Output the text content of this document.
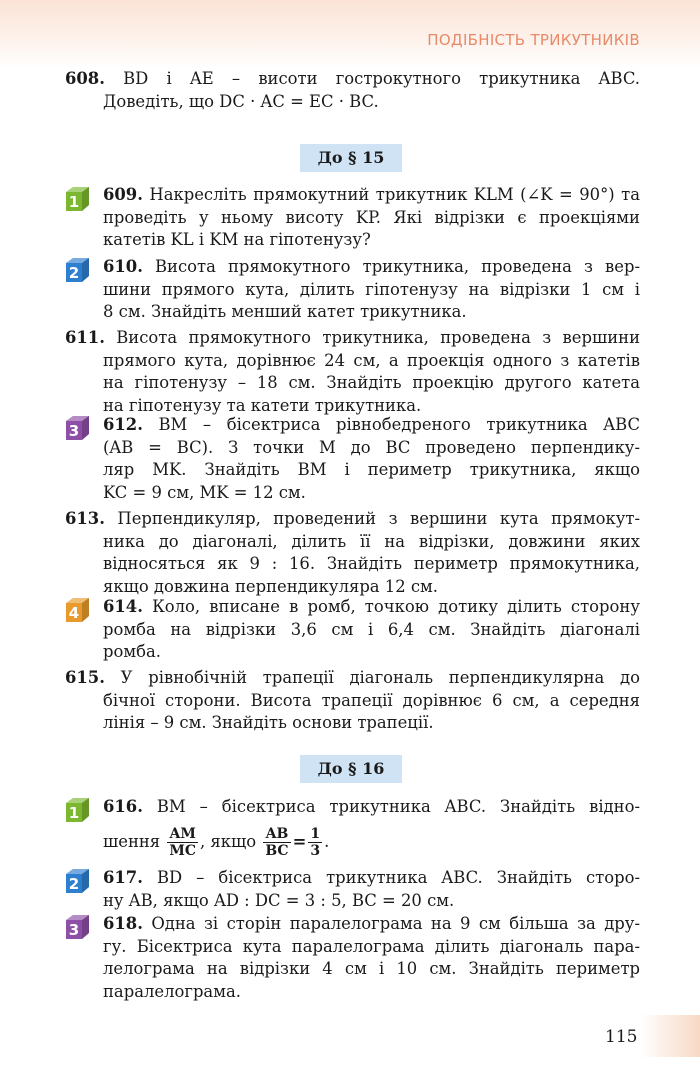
ПОДІБНІСТЬ ТРИКУТНИКІВ
608. BD і AE – висоти гострокутного трикутника ABC.
Доведіть, що DC · AC = EC · BC.
До § 15
1 609. Накресліть прямокутний трикутник KLM (∠K = 90°) та
проведіть у ньому висоту KP. Які відрізки є проекціями
катетів KL і KM на гіпотенузу?
2 610. Висота прямокутного трикутника, проведена з вер-
шини прямого кута, ділить гіпотенузу на відрізки 1 см і
8 см. Знайдіть менший катет трикутника.
611. Висота прямокутного трикутника, проведена з вершини
прямого кута, дорівнює 24 см, а проекція одного з катетів
на гіпотенузу – 18 см. Знайдіть проекцію другого катета
на гіпотенузу та катети трикутника.
3 612. BM – бісектриса рівнобедреного трикутника ABC
(AB = BC). З точки M до BC проведено перпендику-
ляр MK. Знайдіть BM і периметр трикутника, якщо
KC = 9 см, MK = 12 см.
613. Перпендикуляр, проведений з вершини кута прямокут-
ника до діагоналі, ділить її на відрізки, довжини яких
відносяться як 9 : 16. Знайдіть периметр прямокутника,
якщо довжина перпендикуляра 12 см.
4 614. Коло, вписане в ромб, точкою дотику ділить сторону
ромба на відрізки 3,6 см і 6,4 см. Знайдіть діагоналі
ромба.
615. У рівнобічній трапеції діагональ перпендикулярна до
бічної сторони. Висота трапеції дорівнює 6 см, а середня
лінія – 9 см. Знайдіть основи трапеції.
До § 16
1 616. BM – бісектриса трикутника ABC. Знайдіть відно-
шення $\frac{AM}{MC}$ , якщо $\frac{AB}{BC} = \frac{1}{3}$ .
2 617. BD – бісектриса трикутника ABC. Знайдіть сторо-
ну AB, якщо AD : DC = 3 : 5, BC = 20 см.
3 618. Одна зі сторін паралелограма на 9 см більша за дру-
гу. Бісектриса кута паралелограма ділить діагональ пара-
лелограма на відрізки 4 см і 10 см. Знайдіть периметр
паралелограма.
115
